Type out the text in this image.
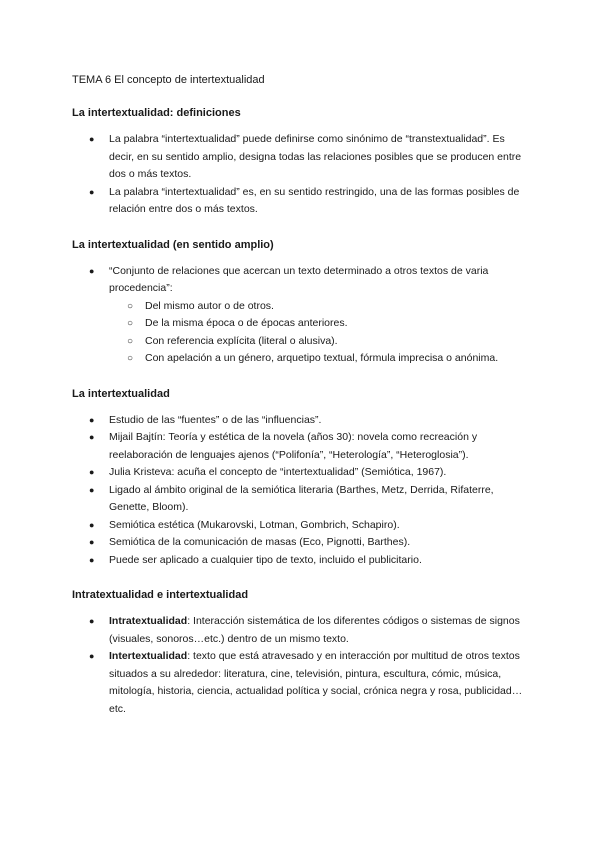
TEMA 6 El concepto de intertextualidad

La intertextualidad: definiciones

● La palabra “intertextualidad” puede definirse como sinónimo de “transtextualidad”. Es decir, en su sentido amplio, designa todas las relaciones posibles que se producen entre dos o más textos.
● La palabra “intertextualidad” es, en su sentido restringido, una de las formas posibles de relación entre dos o más textos.

La intertextualidad (en sentido amplio)

● “Conjunto de relaciones que acercan un texto determinado a otros textos de varia procedencia”:
○ Del mismo autor o de otros.
○ De la misma época o de épocas anteriores.
○ Con referencia explícita (literal o alusiva).
○ Con apelación a un género, arquetipo textual, fórmula imprecisa o anónima.

La intertextualidad

● Estudio de las “fuentes” o de las “influencias”.
● Mijail Bajtín: Teoría y estética de la novela (años 30): novela como recreación y reelaboración de lenguajes ajenos (“Polifonía”, “Heterología”, “Heteroglosia”).
● Julia Kristeva: acuña el concepto de “intertextualidad” (Semiótica, 1967).
● Ligado al ámbito original de la semiótica literaria (Barthes, Metz, Derrida, Rifaterre, Genette, Bloom).
● Semiótica estética (Mukarovski, Lotman, Gombrich, Schapiro).
● Semiótica de la comunicación de masas (Eco, Pignotti, Barthes).
● Puede ser aplicado a cualquier tipo de texto, incluido el publicitario.

Intratextualidad e intertextualidad

● Intratextualidad: Interacción sistemática de los diferentes códigos o sistemas de signos (visuales, sonoros…etc.) dentro de un mismo texto.
● Intertextualidad: texto que está atravesado y en interacción por multitud de otros textos situados a su alrededor: literatura, cine, televisión, pintura, escultura, cómic, música, mitología, historia, ciencia, actualidad política y social, crónica negra y rosa, publicidad…etc.
